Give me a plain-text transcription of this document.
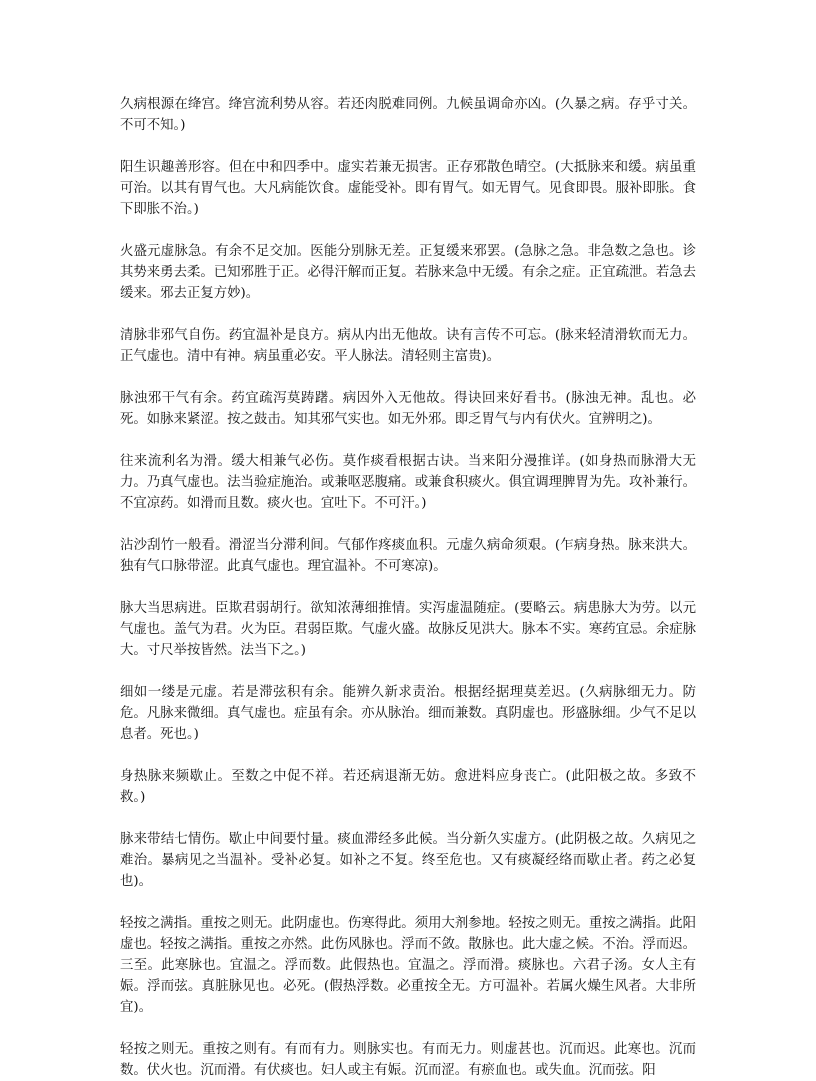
久病根源在绛宫。绛宫流利势从容。若还肉脱难同例。九候虽调命亦凶。(久暴之病。存乎寸关。不可不知。)

阳生识趣善形容。但在中和四季中。虚实若兼无损害。正存邪散色晴空。(大抵脉来和缓。病虽重可治。以其有胃气也。大凡病能饮食。虚能受补。即有胃气。如无胃气。见食即畏。服补即胀。食下即胀不治。)

火盛元虚脉急。有余不足交加。医能分别脉无差。正复缓来邪罢。(急脉之急。非急数之急也。诊其势来勇去柔。已知邪胜于正。必得汗解而正复。若脉来急中无缓。有余之症。正宜疏泄。若急去缓来。邪去正复方妙)。

清脉非邪气自伤。药宜温补是良方。病从内出无他故。诀有言传不可忘。(脉来轻清滑软而无力。正气虚也。清中有神。病虽重必安。平人脉法。清轻则主富贵)。

脉浊邪干气有余。药宜疏泻莫踌躇。病因外入无他故。得诀回来好看书。(脉浊无神。乱也。必死。如脉来紧涩。按之鼓击。知其邪气实也。如无外邪。即乏胃气与内有伏火。宜辨明之)。

往来流利名为滑。缓大相兼气必伤。莫作痰看根据古诀。当来阳分漫推详。(如身热而脉滑大无力。乃真气虚也。法当验症施治。或兼呕恶腹痛。或兼食积痰火。俱宜调理脾胃为先。攻补兼行。不宜凉药。如滑而且数。痰火也。宜吐下。不可汗。)

沾沙刮竹一般看。滑涩当分滞利间。气郁作疼痰血积。元虚久病命须艰。(乍病身热。脉来洪大。独有气口脉带涩。此真气虚也。理宜温补。不可寒凉)。

脉大当思病进。臣欺君弱胡行。欲知浓薄细推情。实泻虚温随症。(要略云。病患脉大为劳。以元气虚也。盖气为君。火为臣。君弱臣欺。气虚火盛。故脉反见洪大。脉本不实。寒药宜忌。余症脉大。寸尺举按皆然。法当下之。)

细如一缕是元虚。若是滞弦积有余。能辨久新求责治。根据经据理莫差迟。(久病脉细无力。防危。凡脉来微细。真气虚也。症虽有余。亦从脉治。细而兼数。真阴虚也。形盛脉细。少气不足以息者。死也。)

身热脉来频歇止。至数之中促不祥。若还病退渐无妨。愈进料应身丧亡。(此阳极之故。多致不救。)

脉来带结七情伤。歇止中间要忖量。痰血滞经多此候。当分新久实虚方。(此阴极之故。久病见之难治。暴病见之当温补。受补必复。如补之不复。终至危也。又有痰凝经络而歇止者。药之必复也)。

轻按之满指。重按之则无。此阴虚也。伤寒得此。须用大剂参地。轻按之则无。重按之满指。此阳虚也。轻按之满指。重按之亦然。此伤风脉也。浮而不敛。散脉也。此大虚之候。不治。浮而迟。三至。此寒脉也。宜温之。浮而数。此假热也。宜温之。浮而滑。痰脉也。六君子汤。女人主有娠。浮而弦。真脏脉见也。必死。(假热浮数。必重按全无。方可温补。若属火燥生风者。大非所宜)。

轻按之则无。重按之则有。有而有力。则脉实也。有而无力。则虚甚也。沉而迟。此寒也。沉而数。伏火也。沉而滑。有伏痰也。妇人或主有娠。沉而涩。有瘀血也。或失血。沉而弦。阳
